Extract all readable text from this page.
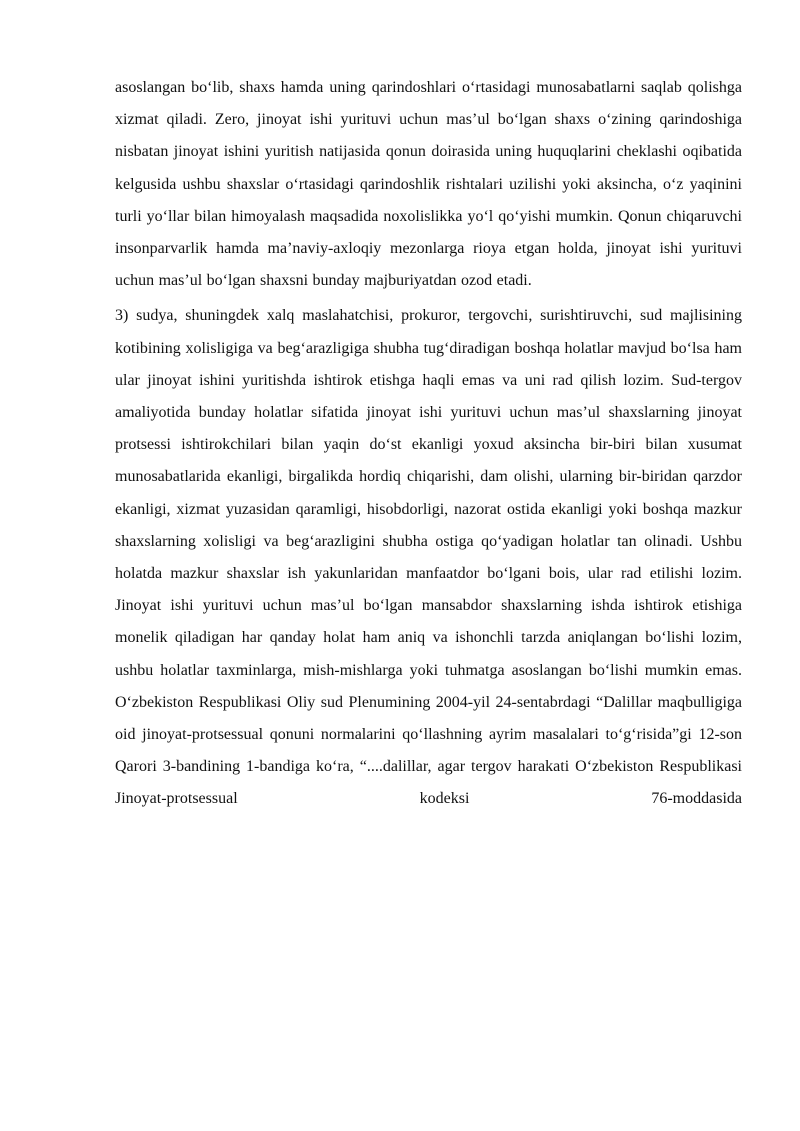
asoslangan bo‘lib, shaxs hamda uning qarindoshlari o‘rtasidagi munosabatlarni saqlab qolishga xizmat qiladi. Zero, jinoyat ishi yurituvi uchun mas’ul bo‘lgan shaxs o‘zining qarindoshiga nisbatan jinoyat ishini yuritish natijasida qonun doirasida uning huquqlarini cheklashi oqibatida kelgusida ushbu shaxslar o‘rtasidagi qarindoshlik rishtalari uzilishi yoki aksincha, o‘z yaqinini turli yo‘llar bilan himoyalash maqsadida noxolislikka yo‘l qo‘yishi mumkin. Qonun chiqaruvchi insonparvarlik hamda ma’naviy-axloqiy mezonlarga rioya etgan holda, jinoyat ishi yurituvi uchun mas’ul bo‘lgan shaxsni bunday majburiyatdan ozod etadi.

3) sudya, shuningdek xalq maslahatchisi, prokuror, tergovchi, surishtiruvchi, sud majlisining kotibining xolisligiga va beg‘arazligiga shubha tug‘diradigan boshqa holatlar mavjud bo‘lsa ham ular jinoyat ishini yuritishda ishtirok etishga haqli emas va uni rad qilish lozim. Sud-tergov amaliyotida bunday holatlar sifatida jinoyat ishi yurituvi uchun mas’ul shaxslarning jinoyat protsessi ishtirokchilari bilan yaqin do‘st ekanligi yoxud aksincha bir-biri bilan xusumat munosabatlarida ekanligi, birgalikda hordiq chiqarishi, dam olishi, ularning bir-biridan qarzdor ekanligi, xizmat yuzasidan qaramligi, hisobdorligi, nazorat ostida ekanligi yoki boshqa mazkur shaxslarning xolisligi va beg‘arazligini shubha ostiga qo‘yadigan holatlar tan olinadi. Ushbu holatda mazkur shaxslar ish yakunlaridan manfaatdor bo‘lgani bois, ular rad etilishi lozim. Jinoyat ishi yurituvi uchun mas’ul bo‘lgan mansabdor shaxslarning ishda ishtirok etishiga monelik qiladigan har qanday holat ham aniq va ishonchli tarzda aniqlangan bo‘lishi lozim, ushbu holatlar taxminlarga, mish-mishlarga yoki tuhmatga asoslangan bo‘lishi mumkin emas. O‘zbekiston Respublikasi Oliy sud Plenumining 2004-yil 24-sentabrdagi “Dalillar maqbulligiga oid jinoyat-protsessual qonuni normalarini qo‘llashning ayrim masalalari to‘g‘risida”gi 12-son Qarori 3-bandining 1-bandiga ko‘ra, “....dalillar, agar tergov harakati O‘zbekiston Respublikasi Jinoyat-protsessual kodeksi 76-moddasida
